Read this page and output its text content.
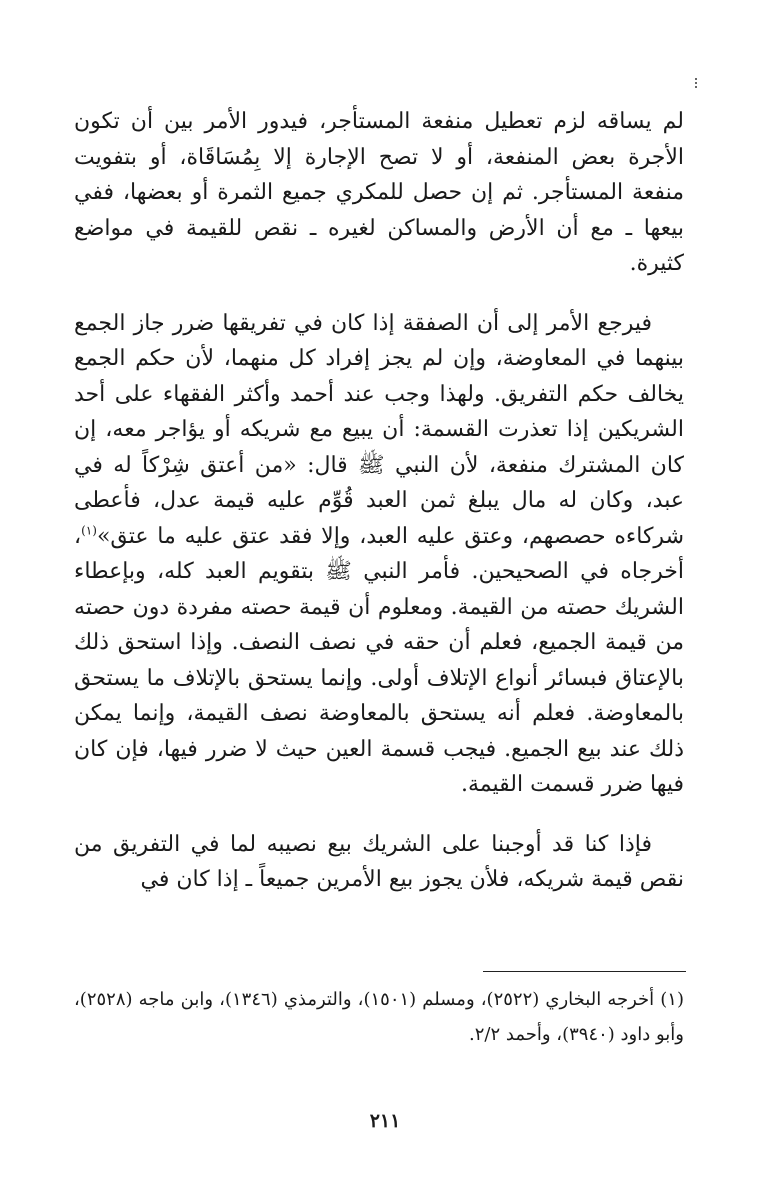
لم يساقه لزم تعطيل منفعة المستأجر، فيدور الأمر بين أن تكون الأجرة بعض المنفعة، أو لا تصح الإجارة إلا بِمُسَاقَاة، أو بتفويت منفعة المستأجر. ثم إن حصل للمكري جميع الثمرة أو بعضها، ففي بيعها ـ مع أن الأرض والمساكن لغيره ـ نقص للقيمة في مواضع كثيرة.

فيرجع الأمر إلى أن الصفقة إذا كان في تفريقها ضرر جاز الجمع بينهما في المعاوضة، وإن لم يجز إفراد كل منهما، لأن حكم الجمع يخالف حكم التفريق. ولهذا وجب عند أحمد وأكثر الفقهاء على أحد الشريكين إذا تعذرت القسمة: أن يبيع مع شريكه أو يؤاجر معه، إن كان المشترك منفعة، لأن النبي ﷺ قال: «من أعتق شِرْكاً له في عبد، وكان له مال يبلغ ثمن العبد قُوِّم عليه قيمة عدل، فأعطى شركاءه حصصهم، وعتق عليه العبد، وإلا فقد عتق عليه ما عتق»$^{(١)}$، أخرجاه في الصحيحين. فأمر النبي ﷺ بتقويم العبد كله، وبإعطاء الشريك حصته من القيمة. ومعلوم أن قيمة حصته مفردة دون حصته من قيمة الجميع، فعلم أن حقه في نصف النصف. وإذا استحق ذلك بالإعتاق فبسائر أنواع الإتلاف أولى. وإنما يستحق بالإتلاف ما يستحق بالمعاوضة. فعلم أنه يستحق بالمعاوضة نصف القيمة، وإنما يمكن ذلك عند بيع الجميع. فيجب قسمة العين حيث لا ضرر فيها، فإن كان فيها ضرر قسمت القيمة.

فإذا كنا قد أوجبنا على الشريك بيع نصيبه لما في التفريق من نقص قيمة شريكه، فلأن يجوز بيع الأمرين جميعاً ـ إذا كان في

(١) أخرجه البخاري (٢٥٢٢)، ومسلم (١٥٠١)، والترمذي (١٣٤٦)، وابن ماجه (٢٥٢٨)، وأبو داود (٣٩٤٠)، وأحمد ٢/٢.

٢١١
